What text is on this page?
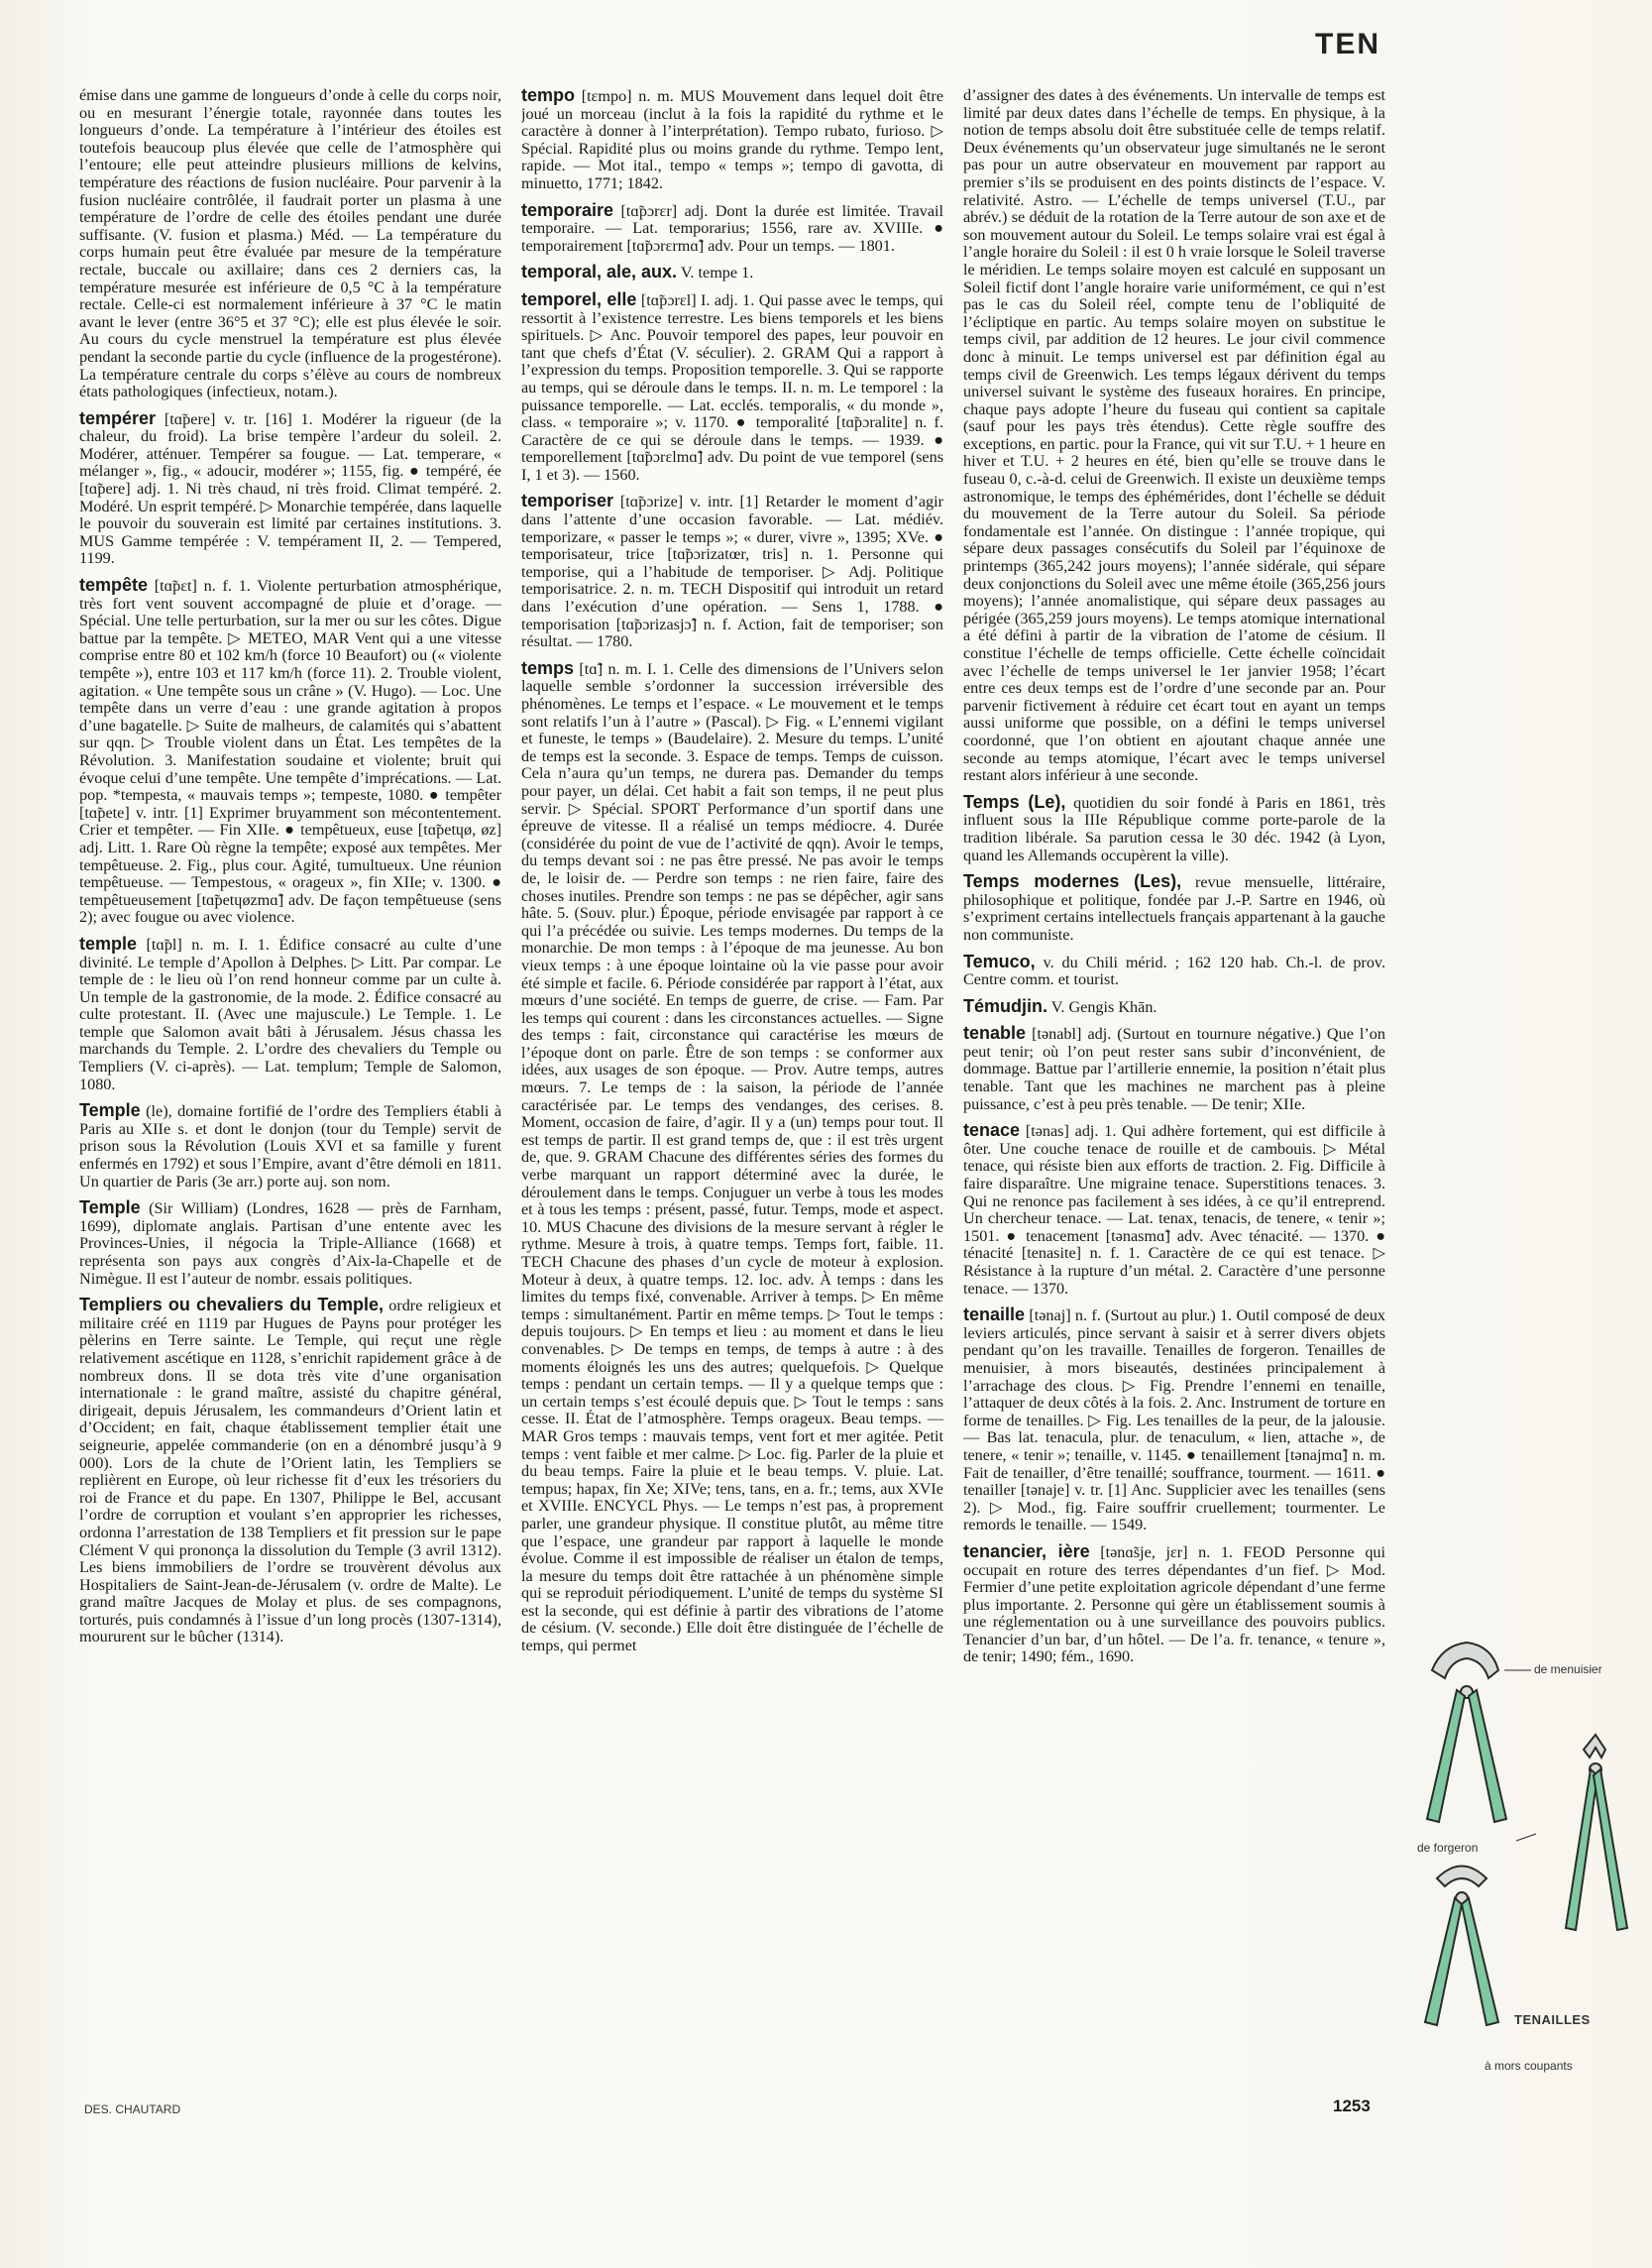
TEN

émise dans une gamme de longueurs d’onde à celle du corps noir, ou en mesurant l’énergie totale, rayonnée dans toutes les longueurs d’onde. La température à l’intérieur des étoiles est toutefois beaucoup plus élevée que celle de l’atmosphère qui l’entoure; elle peut atteindre plusieurs millions de kelvins, température des réactions de fusion nucléaire. Pour parvenir à la fusion nucléaire contrôlée, il faudrait porter un plasma à une température de l’ordre de celle des étoiles pendant une durée suffisante. (V. fusion et plasma.) Méd. — La température du corps humain peut être évaluée par mesure de la température rectale, buccale ou axillaire; dans ces 2 derniers cas, la température mesurée est inférieure de 0,5 °C à la température rectale. Celle-ci est normalement inférieure à 37 °C le matin avant le lever (entre 36°5 et 37 °C); elle est plus élevée le soir. Au cours du cycle menstruel la température est plus élevée pendant la seconde partie du cycle (influence de la progestérone). La température centrale du corps s’élève au cours de nombreux états pathologiques (infectieux, notam.).

tempérer [tɑ̃pere] v. tr. [16] 1. Modérer la rigueur (de la chaleur, du froid). La brise tempère l’ardeur du soleil. 2. Modérer, atténuer. Tempérer sa fougue. — Lat. temperare, « mélanger », fig., « adoucir, modérer »; 1155, fig. ● tempéré, ée [tɑ̃pere] adj. 1. Ni très chaud, ni très froid. Climat tempéré. 2. Modéré. Un esprit tempéré. ▷ Monarchie tempérée, dans laquelle le pouvoir du souverain est limité par certaines institutions. 3. MUS Gamme tempérée : V. tempérament II, 2. — Tempered, 1199.

tempête [tɑ̃pɛt] n. f. 1. Violente perturbation atmosphérique, très fort vent souvent accompagné de pluie et d’orage. — Spécial. Une telle perturbation, sur la mer ou sur les côtes. Digue battue par la tempête. ▷ METEO, MAR Vent qui a une vitesse comprise entre 80 et 102 km/h (force 10 Beaufort) ou (« violente tempête »), entre 103 et 117 km/h (force 11). 2. Trouble violent, agitation. « Une tempête sous un crâne » (V. Hugo). — Loc. Une tempête dans un verre d’eau : une grande agitation à propos d’une bagatelle. ▷ Suite de malheurs, de calamités qui s’abattent sur qqn. ▷ Trouble violent dans un État. Les tempêtes de la Révolution. 3. Manifestation soudaine et violente; bruit qui évoque celui d’une tempête. Une tempête d’imprécations. — Lat. pop. *tempesta, « mauvais temps »; tempeste, 1080. ● tempêter [tɑ̃pete] v. intr. [1] Exprimer bruyamment son mécontentement. Crier et tempêter. — Fin XIIe. ● tempêtueux, euse [tɑ̃petɥø, øz] adj. Litt. 1. Rare Où règne la tempête; exposé aux tempêtes. Mer tempêtueuse. 2. Fig., plus cour. Agité, tumultueux. Une réunion tempêtueuse. — Tempestous, « orageux », fin XIIe; v. 1300. ● tempêtueusement [tɑ̃petɥøzmɑ̃] adv. De façon tempêtueuse (sens 2); avec fougue ou avec violence.

temple [tɑ̃pl] n. m. I. 1. Édifice consacré au culte d’une divinité. Le temple d’Apollon à Delphes. ▷ Litt. Par compar. Le temple de : le lieu où l’on rend honneur comme par un culte à. Un temple de la gastronomie, de la mode. 2. Édifice consacré au culte protestant. II. (Avec une majuscule.) Le Temple. 1. Le temple que Salomon avait bâti à Jérusalem. Jésus chassa les marchands du Temple. 2. L’ordre des chevaliers du Temple ou Templiers (V. ci-après). — Lat. templum; Temple de Salomon, 1080.

Temple (le), domaine fortifié de l’ordre des Templiers établi à Paris au XIIe s. et dont le donjon (tour du Temple) servit de prison sous la Révolution (Louis XVI et sa famille y furent enfermés en 1792) et sous l’Empire, avant d’être démoli en 1811. Un quartier de Paris (3e arr.) porte auj. son nom.

Temple (Sir William) (Londres, 1628 — près de Farnham, 1699), diplomate anglais. Partisan d’une entente avec les Provinces-Unies, il négocia la Triple-Alliance (1668) et représenta son pays aux congrès d’Aix-la-Chapelle et de Nimègue. Il est l’auteur de nombr. essais politiques.

Templiers ou chevaliers du Temple, ordre religieux et militaire créé en 1119 par Hugues de Payns pour protéger les pèlerins en Terre sainte. Le Temple, qui reçut une règle relativement ascétique en 1128, s’enrichit rapidement grâce à de nombreux dons. Il se dota très vite d’une organisation internationale : le grand maître, assisté du chapitre général, dirigeait, depuis Jérusalem, les commandeurs d’Orient latin et d’Occident; en fait, chaque établissement templier était une seigneurie, appelée commanderie (on en a dénombré jusqu’à 9 000). Lors de la chute de l’Orient latin, les Templiers se replièrent en Europe, où leur richesse fit d’eux les trésoriers du roi de France et du pape. En 1307, Philippe le Bel, accusant l’ordre de corruption et voulant s’en approprier les richesses, ordonna l’arrestation de 138 Templiers et fit pression sur le pape Clément V qui prononça la dissolution du Temple (3 avril 1312). Les biens immobiliers de l’ordre se trouvèrent dévolus aux Hospitaliers de Saint-Jean-de-Jérusalem (v. ordre de Malte). Le grand maître Jacques de Molay et plus. de ses compagnons, torturés, puis condamnés à l’issue d’un long procès (1307-1314), moururent sur le bûcher (1314).

tempo [tɛmpo] n. m. MUS Mouvement dans lequel doit être joué un morceau (inclut à la fois la rapidité du rythme et le caractère à donner à l’interprétation). Tempo rubato, furioso. ▷ Spécial. Rapidité plus ou moins grande du rythme. Tempo lent, rapide. — Mot ital., tempo « temps »; tempo di gavotta, di minuetto, 1771; 1842.

temporaire [tɑ̃pɔrɛr] adj. Dont la durée est limitée. Travail temporaire. — Lat. temporarius; 1556, rare av. XVIIIe. ● temporairement [tɑ̃pɔrɛrmɑ̃] adv. Pour un temps. — 1801.

temporal, ale, aux. V. tempe 1.

temporel, elle [tɑ̃pɔrɛl] I. adj. 1. Qui passe avec le temps, qui ressortit à l’existence terrestre. Les biens temporels et les biens spirituels. ▷ Anc. Pouvoir temporel des papes, leur pouvoir en tant que chefs d’État (V. séculier). 2. GRAM Qui a rapport à l’expression du temps. Proposition temporelle. 3. Qui se rapporte au temps, qui se déroule dans le temps. II. n. m. Le temporel : la puissance temporelle. — Lat. ecclés. temporalis, « du monde », class. « temporaire »; v. 1170. ● temporalité [tɑ̃pɔralite] n. f. Caractère de ce qui se déroule dans le temps. — 1939. ● temporellement [tɑ̃pɔrɛlmɑ̃] adv. Du point de vue temporel (sens I, 1 et 3). — 1560.

temporiser [tɑ̃pɔrize] v. intr. [1] Retarder le moment d’agir dans l’attente d’une occasion favorable. — Lat. médiév. temporizare, « passer le temps »; « durer, vivre », 1395; XVe. ● temporisateur, trice [tɑ̃pɔrizatœr, tris] n. 1. Personne qui temporise, qui a l’habitude de temporiser. ▷ Adj. Politique temporisatrice. 2. n. m. TECH Dispositif qui introduit un retard dans l’exécution d’une opération. — Sens 1, 1788. ● temporisation [tɑ̃pɔrizasjɔ̃] n. f. Action, fait de temporiser; son résultat. — 1780.

temps [tɑ̃] n. m. I. 1. Celle des dimensions de l’Univers selon laquelle semble s’ordonner la succession irréversible des phénomènes. Le temps et l’espace. « Le mouvement et le temps sont relatifs l’un à l’autre » (Pascal). ▷ Fig. « L’ennemi vigilant et funeste, le temps » (Baudelaire). 2. Mesure du temps. L’unité de temps est la seconde. 3. Espace de temps. Temps de cuisson. Cela n’aura qu’un temps, ne durera pas. Demander du temps pour payer, un délai. Cet habit a fait son temps, il ne peut plus servir. ▷ Spécial. SPORT Performance d’un sportif dans une épreuve de vitesse. Il a réalisé un temps médiocre. 4. Durée (considérée du point de vue de l’activité de qqn). Avoir le temps, du temps devant soi : ne pas être pressé. Ne pas avoir le temps de, le loisir de. — Perdre son temps : ne rien faire, faire des choses inutiles. Prendre son temps : ne pas se dépêcher, agir sans hâte. 5. (Souv. plur.) Époque, période envisagée par rapport à ce qui l’a précédée ou suivie. Les temps modernes. Du temps de la monarchie. De mon temps : à l’époque de ma jeunesse. Au bon vieux temps : à une époque lointaine où la vie passe pour avoir été simple et facile. 6. Période considérée par rapport à l’état, aux mœurs d’une société. En temps de guerre, de crise. — Fam. Par les temps qui courent : dans les circonstances actuelles. — Signe des temps : fait, circonstance qui caractérise les mœurs de l’époque dont on parle. Être de son temps : se conformer aux idées, aux usages de son époque. — Prov. Autre temps, autres mœurs. 7. Le temps de : la saison, la période de l’année caractérisée par. Le temps des vendanges, des cerises. 8. Moment, occasion de faire, d’agir. Il y a (un) temps pour tout. Il est temps de partir. Il est grand temps de, que : il est très urgent de, que. 9. GRAM Chacune des différentes séries des formes du verbe marquant un rapport déterminé avec la durée, le déroulement dans le temps. Conjuguer un verbe à tous les modes et à tous les temps : présent, passé, futur. Temps, mode et aspect. 10. MUS Chacune des divisions de la mesure servant à régler le rythme. Mesure à trois, à quatre temps. Temps fort, faible. 11. TECH Chacune des phases d’un cycle de moteur à explosion. Moteur à deux, à quatre temps. 12. loc. adv. À temps : dans les limites du temps fixé, convenable. Arriver à temps. ▷ En même temps : simultanément. Partir en même temps. ▷ Tout le temps : depuis toujours. ▷ En temps et lieu : au moment et dans le lieu convenables. ▷ De temps en temps, de temps à autre : à des moments éloignés les uns des autres; quelquefois. ▷ Quelque temps : pendant un certain temps. — Il y a quelque temps que : un certain temps s’est écoulé depuis que. ▷ Tout le temps : sans cesse. II. État de l’atmosphère. Temps orageux. Beau temps. — MAR Gros temps : mauvais temps, vent fort et mer agitée. Petit temps : vent faible et mer calme. ▷ Loc. fig. Parler de la pluie et du beau temps. Faire la pluie et le beau temps. V. pluie. Lat. tempus; hapax, fin Xe; XIVe; tens, tans, en a. fr.; tems, aux XVIe et XVIIIe. ENCYCL Phys. — Le temps n’est pas, à proprement parler, une grandeur physique. Il constitue plutôt, au même titre que l’espace, une grandeur par rapport à laquelle le monde évolue. Comme il est impossible de réaliser un étalon de temps, la mesure du temps doit être rattachée à un phénomène simple qui se reproduit périodiquement. L’unité de temps du système SI est la seconde, qui est définie à partir des vibrations de l’atome de césium. (V. seconde.) Elle doit être distinguée de l’échelle de temps, qui permet

d’assigner des dates à des événements. Un intervalle de temps est limité par deux dates dans l’échelle de temps. En physique, à la notion de temps absolu doit être substituée celle de temps relatif. Deux événements qu’un observateur juge simultanés ne le seront pas pour un autre observateur en mouvement par rapport au premier s’ils se produisent en des points distincts de l’espace. V. relativité. Astro. — L’échelle de temps universel (T.U., par abrév.) se déduit de la rotation de la Terre autour de son axe et de son mouvement autour du Soleil. Le temps solaire vrai est égal à l’angle horaire du Soleil : il est 0 h vraie lorsque le Soleil traverse le méridien. Le temps solaire moyen est calculé en supposant un Soleil fictif dont l’angle horaire varie uniformément, ce qui n’est pas le cas du Soleil réel, compte tenu de l’obliquité de l’écliptique en partic. Au temps solaire moyen on substitue le temps civil, par addition de 12 heures. Le jour civil commence donc à minuit. Le temps universel est par définition égal au temps civil de Greenwich. Les temps légaux dérivent du temps universel suivant le système des fuseaux horaires. En principe, chaque pays adopte l’heure du fuseau qui contient sa capitale (sauf pour les pays très étendus). Cette règle souffre des exceptions, en partic. pour la France, qui vit sur T.U. + 1 heure en hiver et T.U. + 2 heures en été, bien qu’elle se trouve dans le fuseau 0, c.-à-d. celui de Greenwich. Il existe un deuxième temps astronomique, le temps des éphémérides, dont l’échelle se déduit du mouvement de la Terre autour du Soleil. Sa période fondamentale est l’année. On distingue : l’année tropique, qui sépare deux passages consécutifs du Soleil par l’équinoxe de printemps (365,242 jours moyens); l’année sidérale, qui sépare deux conjonctions du Soleil avec une même étoile (365,256 jours moyens); l’année anomalistique, qui sépare deux passages au périgée (365,259 jours moyens). Le temps atomique international a été défini à partir de la vibration de l’atome de césium. Il constitue l’échelle de temps officielle. Cette échelle coïncidait avec l’échelle de temps universel le 1er janvier 1958; l’écart entre ces deux temps est de l’ordre d’une seconde par an. Pour parvenir fictivement à réduire cet écart tout en ayant un temps aussi uniforme que possible, on a défini le temps universel coordonné, que l’on obtient en ajoutant chaque année une seconde au temps atomique, l’écart avec le temps universel restant alors inférieur à une seconde.

Temps (Le), quotidien du soir fondé à Paris en 1861, très influent sous la IIIe République comme porte-parole de la tradition libérale. Sa parution cessa le 30 déc. 1942 (à Lyon, quand les Allemands occupèrent la ville).

Temps modernes (Les), revue mensuelle, littéraire, philosophique et politique, fondée par J.-P. Sartre en 1946, où s’expriment certains intellectuels français appartenant à la gauche non communiste.

Temuco, v. du Chili mérid. ; 162 120 hab. Ch.-l. de prov. Centre comm. et tourist.

Témudjin. V. Gengis Khān.

tenable [tənabl] adj. (Surtout en tournure négative.) Que l’on peut tenir; où l’on peut rester sans subir d’inconvénient, de dommage. Battue par l’artillerie ennemie, la position n’était plus tenable. Tant que les machines ne marchent pas à pleine puissance, c’est à peu près tenable. — De tenir; XIIe.

tenace [tənas] adj. 1. Qui adhère fortement, qui est difficile à ôter. Une couche tenace de rouille et de cambouis. ▷ Métal tenace, qui résiste bien aux efforts de traction. 2. Fig. Difficile à faire disparaître. Une migraine tenace. Superstitions tenaces. 3. Qui ne renonce pas facilement à ses idées, à ce qu’il entreprend. Un chercheur tenace. — Lat. tenax, tenacis, de tenere, « tenir »; 1501. ● tenacement [tənasmɑ̃] adv. Avec ténacité. — 1370. ● ténacité [tenasite] n. f. 1. Caractère de ce qui est tenace. ▷ Résistance à la rupture d’un métal. 2. Caractère d’une personne tenace. — 1370.

tenaille [tənaj] n. f. (Surtout au plur.) 1. Outil composé de deux leviers articulés, pince servant à saisir et à serrer divers objets pendant qu’on les travaille. Tenailles de forgeron. Tenailles de menuisier, à mors biseautés, destinées principalement à l’arrachage des clous. ▷ Fig. Prendre l’ennemi en tenaille, l’attaquer de deux côtés à la fois. 2. Anc. Instrument de torture en forme de tenailles. ▷ Fig. Les tenailles de la peur, de la jalousie. — Bas lat. tenacula, plur. de tenaculum, « lien, attache », de tenere, « tenir »; tenaille, v. 1145. ● tenaillement [tənajmɑ̃] n. m. Fait de tenailler, d’être tenaillé; souffrance, tourment. — 1611. ● tenailler [tənaje] v. tr. [1] Anc. Supplicier avec les tenailles (sens 2). ▷ Mod., fig. Faire souffrir cruellement; tourmenter. Le remords le tenaille. — 1549.

tenancier, ière [tənɑ̃sje, jɛr] n. 1. FEOD Personne qui occupait en roture des terres dépendantes d’un fief. ▷ Mod. Fermier d’une petite exploitation agricole dépendant d’une ferme plus importante. 2. Personne qui gère un établissement soumis à une réglementation ou à une surveillance des pouvoirs publics. Tenancier d’un bar, d’un hôtel. — De l’a. fr. tenance, « tenure », de tenir; 1490; fém., 1690.

de menuisier
de forgeron
TENAILLES
à mors coupants
DES. CHAUTARD	1253
